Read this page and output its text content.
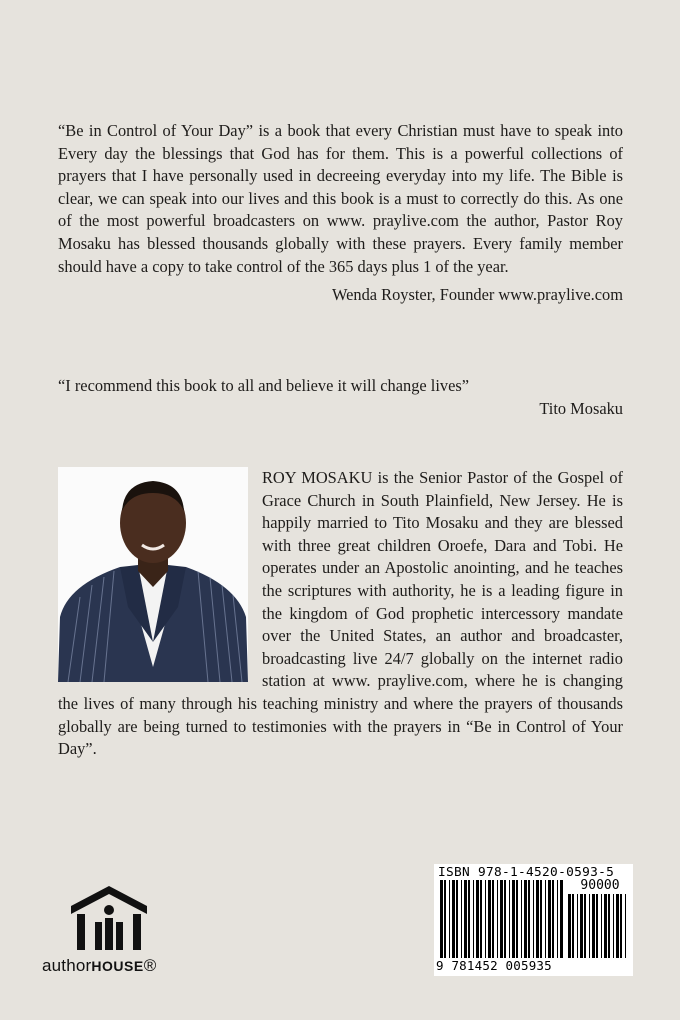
“Be in Control of Your Day” is a book that every Christian must have to speak into Every day the blessings that God has for them. This is a powerful collections of prayers that I have personally used in decreeing everyday into my life. The Bible is clear, we can speak into our lives and this book is a must to correctly do this. As one of the most powerful broadcasters on www. praylive.com the author, Pastor Roy Mosaku has blessed thousands globally with these prayers. Every family member should have a copy to take control of the 365 days plus 1 of the year.

Wenda Royster, Founder www.praylive.com

“I recommend this book to all and believe it will change lives”

Tito Mosaku

ROY MOSAKU is the Senior Pastor of the Gospel of Grace Church in South Plainfield, New Jersey. He is happily married to Tito Mosaku and they are blessed with three great children Oroefe, Dara and Tobi. He operates under an Apostolic anointing, and he teaches the scriptures with authority, he is a leading figure in the kingdom of God prophetic intercessory mandate over the United States, an author and broadcaster, broadcasting live 24/7 globally on the internet radio station at www. praylive.com, where he is changing the lives of many through his teaching ministry and where the prayers of thousands globally are being turned to testimonies with the prayers in “Be in Control of Your Day”.

ISBN 978-1-4520-0593-5
90000
9 781452 005935
authorHOUSE®
